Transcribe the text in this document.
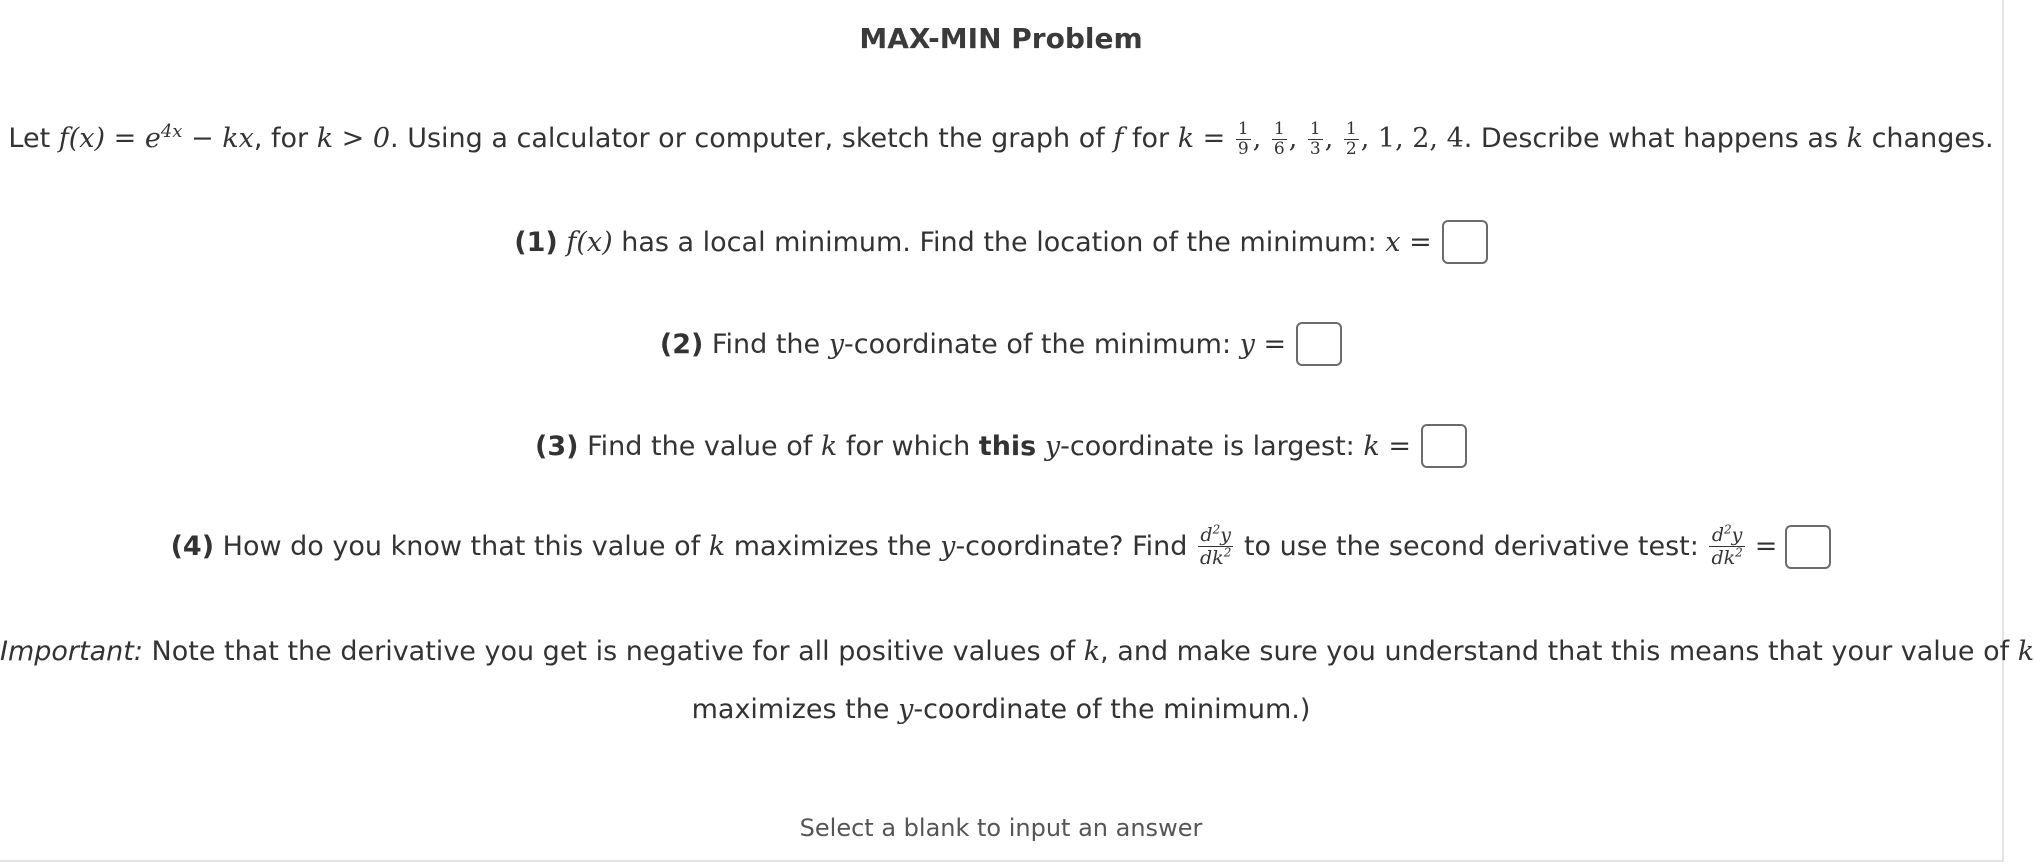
MAX-MIN Problem
Let $f(x) = e^{4x}$ − kx, for k > 0. Using a calculator or computer, sketch the graph of f for $k = \frac{1}{9}$ , $\frac{1}{6}$ , $\frac{1}{3}$ , $\frac{1}{2}$ , 1, 2, 4. Describe what happens as k changes.
(1)
f(x)
has a local minimum. Find the location of the minimum:
x =
(2)
Find the
y -coordinate of the minimum:
y =
(3)
Find the value of
k
for which
this
y -coordinate is largest:
k =
(4)
How do you know that this value of
k
maximizes the
y -coordinate? Find
$\frac{d^2y}{dk^2}$
to use the second derivative test:
$\frac{d^2y}{dk^2}$ =
Important: Note that the derivative you get is negative for all positive values of k, and make sure you understand that this means that your value of k
maximizes the y-coordinate of the minimum.)
Select a blank to input an answer
